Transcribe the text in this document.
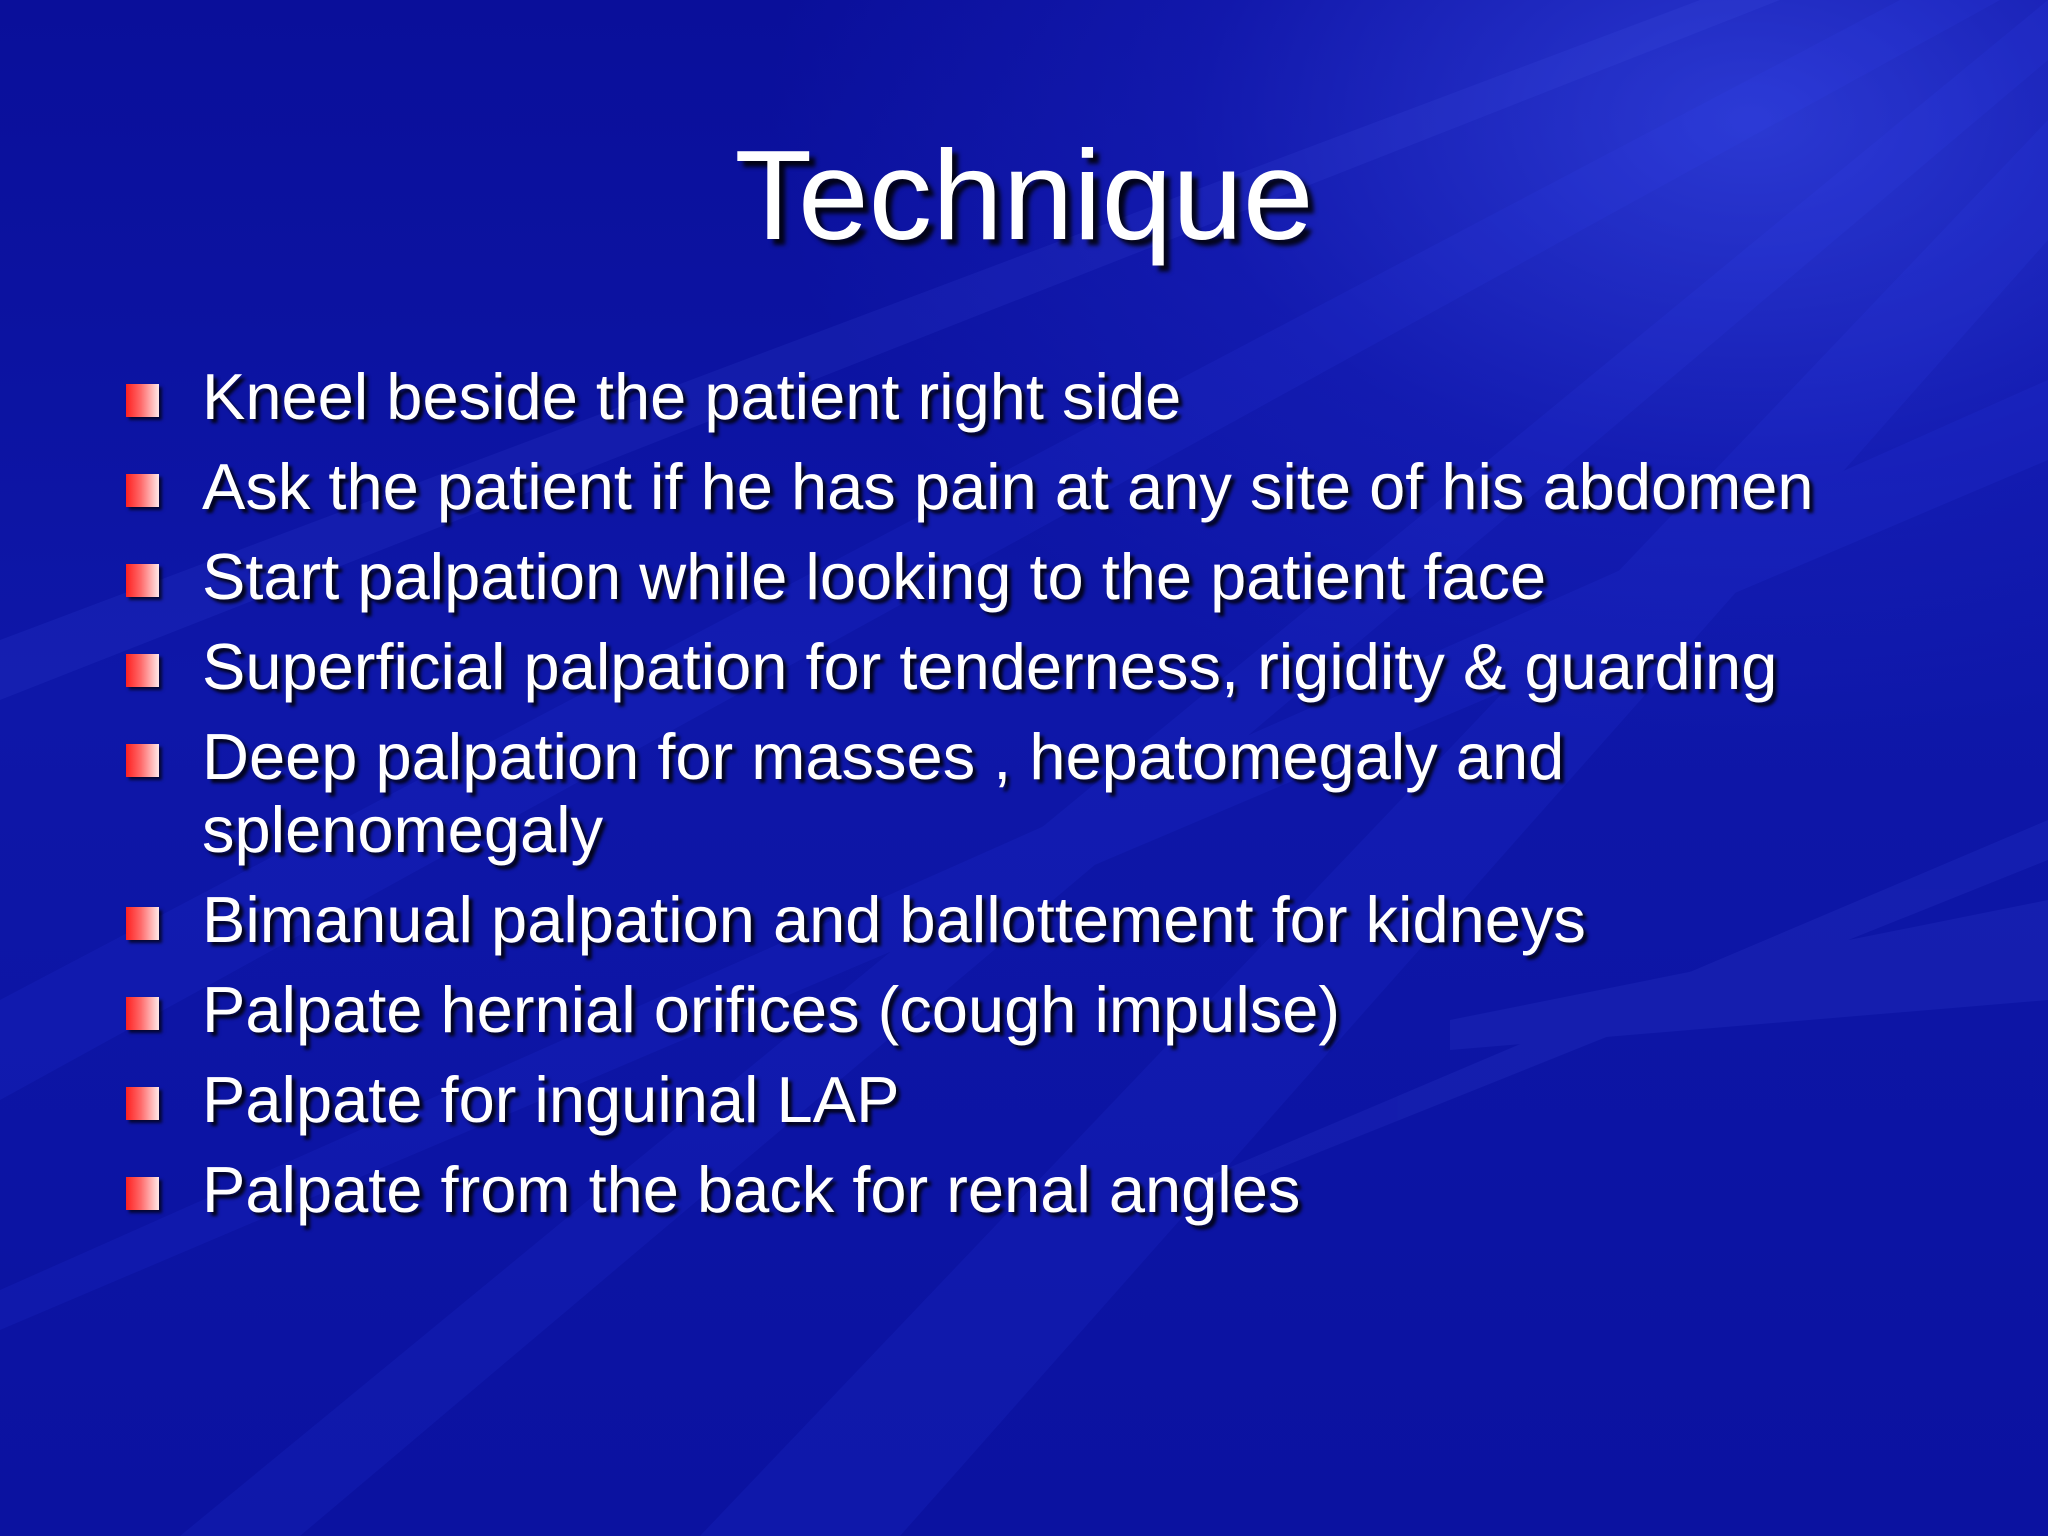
Technique
Kneel beside the patient right side
Ask the patient if he has pain at any site of his abdomen
Start palpation while looking to the patient face
Superficial palpation for tenderness, rigidity & guarding
Deep palpation for masses , hepatomegaly and splenomegaly
Bimanual palpation and ballottement for kidneys
Palpate hernial orifices (cough impulse)
Palpate for inguinal LAP
Palpate from the back for renal angles
